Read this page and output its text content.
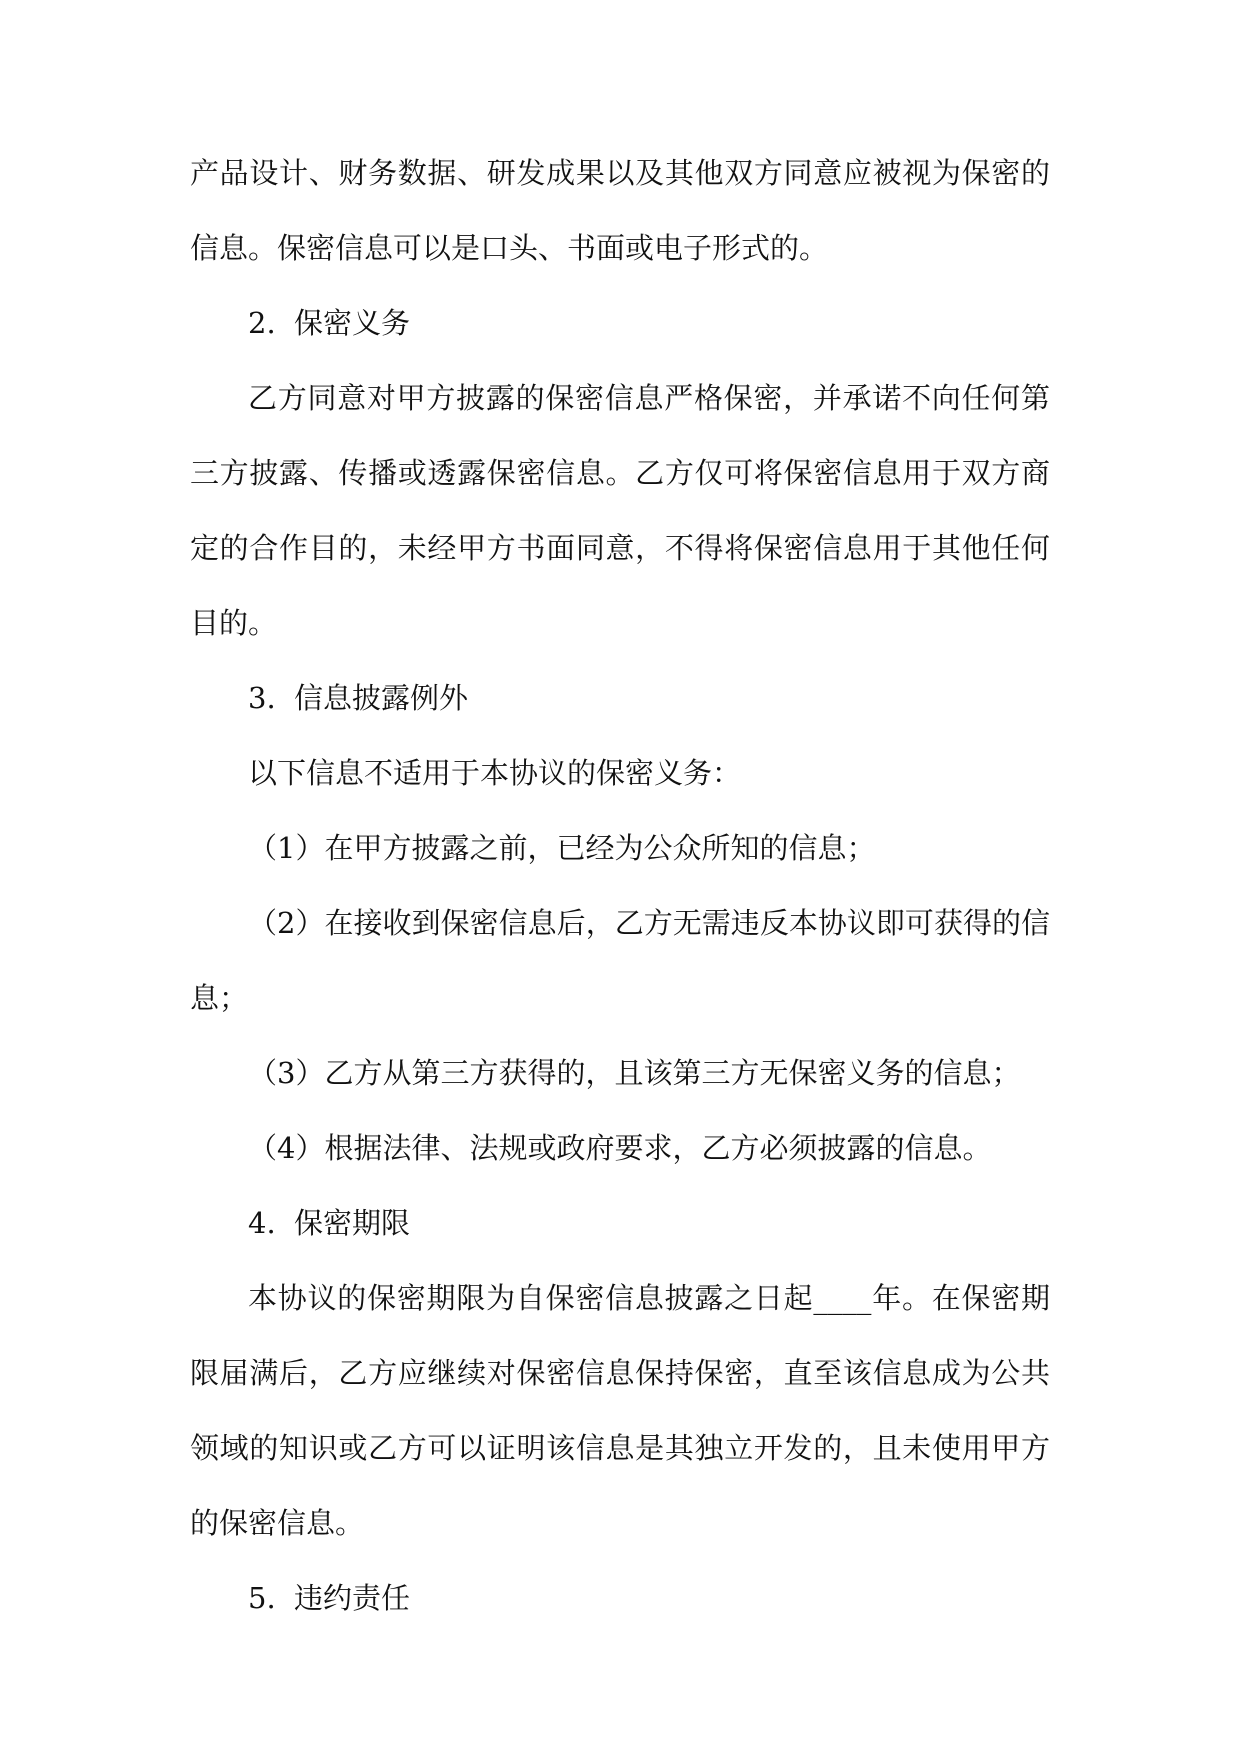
产品设计、财务数据、研发成果以及其他双方同意应被视为保密的信息。保密信息可以是口头、书面或电子形式的。

2. 保密义务

乙方同意对甲方披露的保密信息严格保密，并承诺不向任何第三方披露、传播或透露保密信息。乙方仅可将保密信息用于双方商定的合作目的，未经甲方书面同意，不得将保密信息用于其他任何目的。

3. 信息披露例外

以下信息不适用于本协议的保密义务：

（1）在甲方披露之前，已经为公众所知的信息；

（2）在接收到保密信息后，乙方无需违反本协议即可获得的信息；

（3）乙方从第三方获得的，且该第三方无保密义务的信息；

（4）根据法律、法规或政府要求，乙方必须披露的信息。

4. 保密期限

本协议的保密期限为自保密信息披露之日起____年。在保密期限届满后，乙方应继续对保密信息保持保密，直至该信息成为公共领域的知识或乙方可以证明该信息是其独立开发的，且未使用甲方的保密信息。

5. 违约责任
